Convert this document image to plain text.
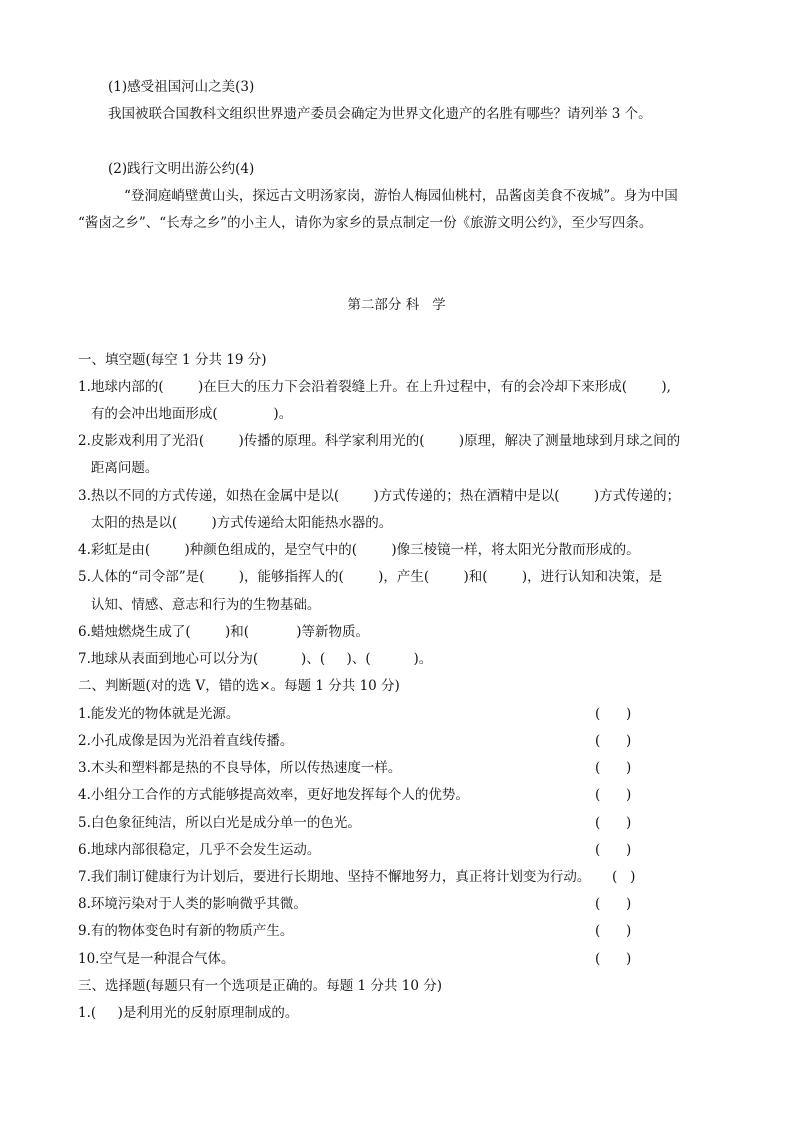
(1)感受祖国河山之美(3)
我国被联合国教科文组织世界遗产委员会确定为世界文化遗产的名胜有哪些？请列举 3 个。
(2)践行文明出游公约(4)
“登洞庭峭壁黄山头，探远古文明汤家岗，游怡人梅园仙桃村，品酱卤美食不夜城”。身为中国
“酱卤之乡”、“长寿之乡”的小主人，请你为家乡的景点制定一份《旅游文明公约》，至少写四条。
第二部分 科   学
一、填空题(每空 1 分共 19 分)
1.地球内部的(        )在巨大的压力下会沿着裂缝上升。在上升过程中，有的会冷却下来形成(        ),
有的会冲出地面形成(             )。
2.皮影戏利用了光沿(        )传播的原理。科学家利用光的(        )原理，解决了测量地球到月球之间的
距离问题。
3.热以不同的方式传递，如热在金属中是以(        )方式传递的；热在酒精中是以(        )方式传递的；
太阳的热是以(        )方式传递给太阳能热水器的。
4.彩虹是由(        )种颜色组成的，是空气中的(        )像三棱镜一样，将太阳光分散而形成的。
5.人体的“司令部”是(        )，能够指挥人的(        )，产生(        )和(        )，进行认知和决策，是
认知、情感、意志和行为的生物基础。
6.蜡烛燃烧生成了(        )和(           )等新物质。
7.地球从表面到地心可以分为(          )、(     )、(          )。
二、判断题(对的选 V，错的选×。每题 1 分共 10 分)
1.能发光的物体就是光源。	(      )
2.小孔成像是因为光沿着直线传播。	(      )
3.木头和塑料都是热的不良导体，所以传热速度一样。	(      )
4.小组分工合作的方式能够提高效率，更好地发挥每个人的优势。	(      )
5.白色象征纯洁，所以白光是成分单一的色光。	(      )
6.地球内部很稳定，几乎不会发生运动。	(      )
7.我们制订健康行为计划后，要进行长期地、坚持不懈地努力，真正将计划变为行动。 (   )
8.环境污染对于人类的影响微乎其微。	(      )
9.有的物体变色时有新的物质产生。	(      )
10.空气是一种混合气体。	(      )
三、选择题(每题只有一个选项是正确的。每题 1 分共 10 分)
1.(     )是利用光的反射原理制成的。
